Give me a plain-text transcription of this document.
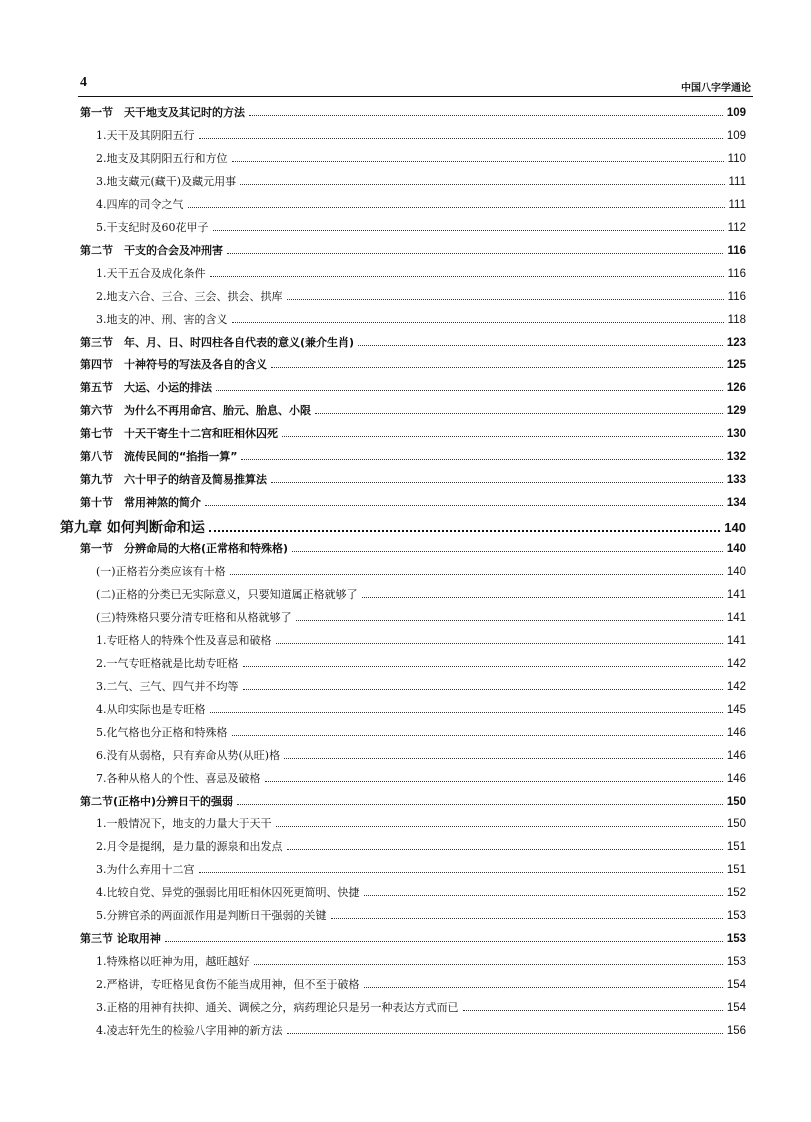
4	中国八字学通论
第一节　天干地支及其记时的方法	109
1.天干及其阴阳五行	109
2.地支及其阴阳五行和方位	110
3.地支藏元(藏干)及藏元用事	111
4.四库的司令之气	111
5.干支纪时及60花甲子	112
第二节　干支的合会及冲刑害	116
1.天干五合及成化条件	116
2.地支六合、三合、三会、拱会、拱库	116
3.地支的冲、刑、害的含义	118
第三节　年、月、日、时四柱各自代表的意义(兼介生肖)	123
第四节　十神符号的写法及各自的含义	125
第五节　大运、小运的排法	126
第六节　为什么不再用命宫、胎元、胎息、小限	129
第七节　十天干寄生十二宫和旺相休囚死	130
第八节　流传民间的“掐指一算”	132
第九节　六十甲子的纳音及简易推算法	133
第十节　常用神煞的简介	134
第九章 如何判断命和运	140
第一节　分辨命局的大格(正常格和特殊格)	140
(一)正格若分类应该有十格	140
(二)正格的分类已无实际意义，只要知道属正格就够了	141
(三)特殊格只要分清专旺格和从格就够了	141
1.专旺格人的特殊个性及喜忌和破格	141
2.一气专旺格就是比劫专旺格	142
3.二气、三气、四气并不均等	142
4.从印实际也是专旺格	145
5.化气格也分正格和特殊格	146
6.没有从弱格，只有弃命从势(从旺)格	146
7.各种从格人的个性、喜忌及破格	146
第二节(正格中)分辨日干的强弱	150
1.一般情况下，地支的力量大于天干	150
2.月令是提纲，是力量的源泉和出发点	151
3.为什么弃用十二宫	151
4.比较自党、异党的强弱比用旺相休囚死更简明、快捷	152
5.分辨官杀的两面派作用是判断日干强弱的关键	153
第三节 论取用神	153
1.特殊格以旺神为用，越旺越好	153
2.严格讲，专旺格见食伤不能当成用神，但不至于破格	154
3.正格的用神有扶抑、通关、调候之分，病药理论只是另一种表达方式而已	154
4.凌志轩先生的检验八字用神的新方法	156
